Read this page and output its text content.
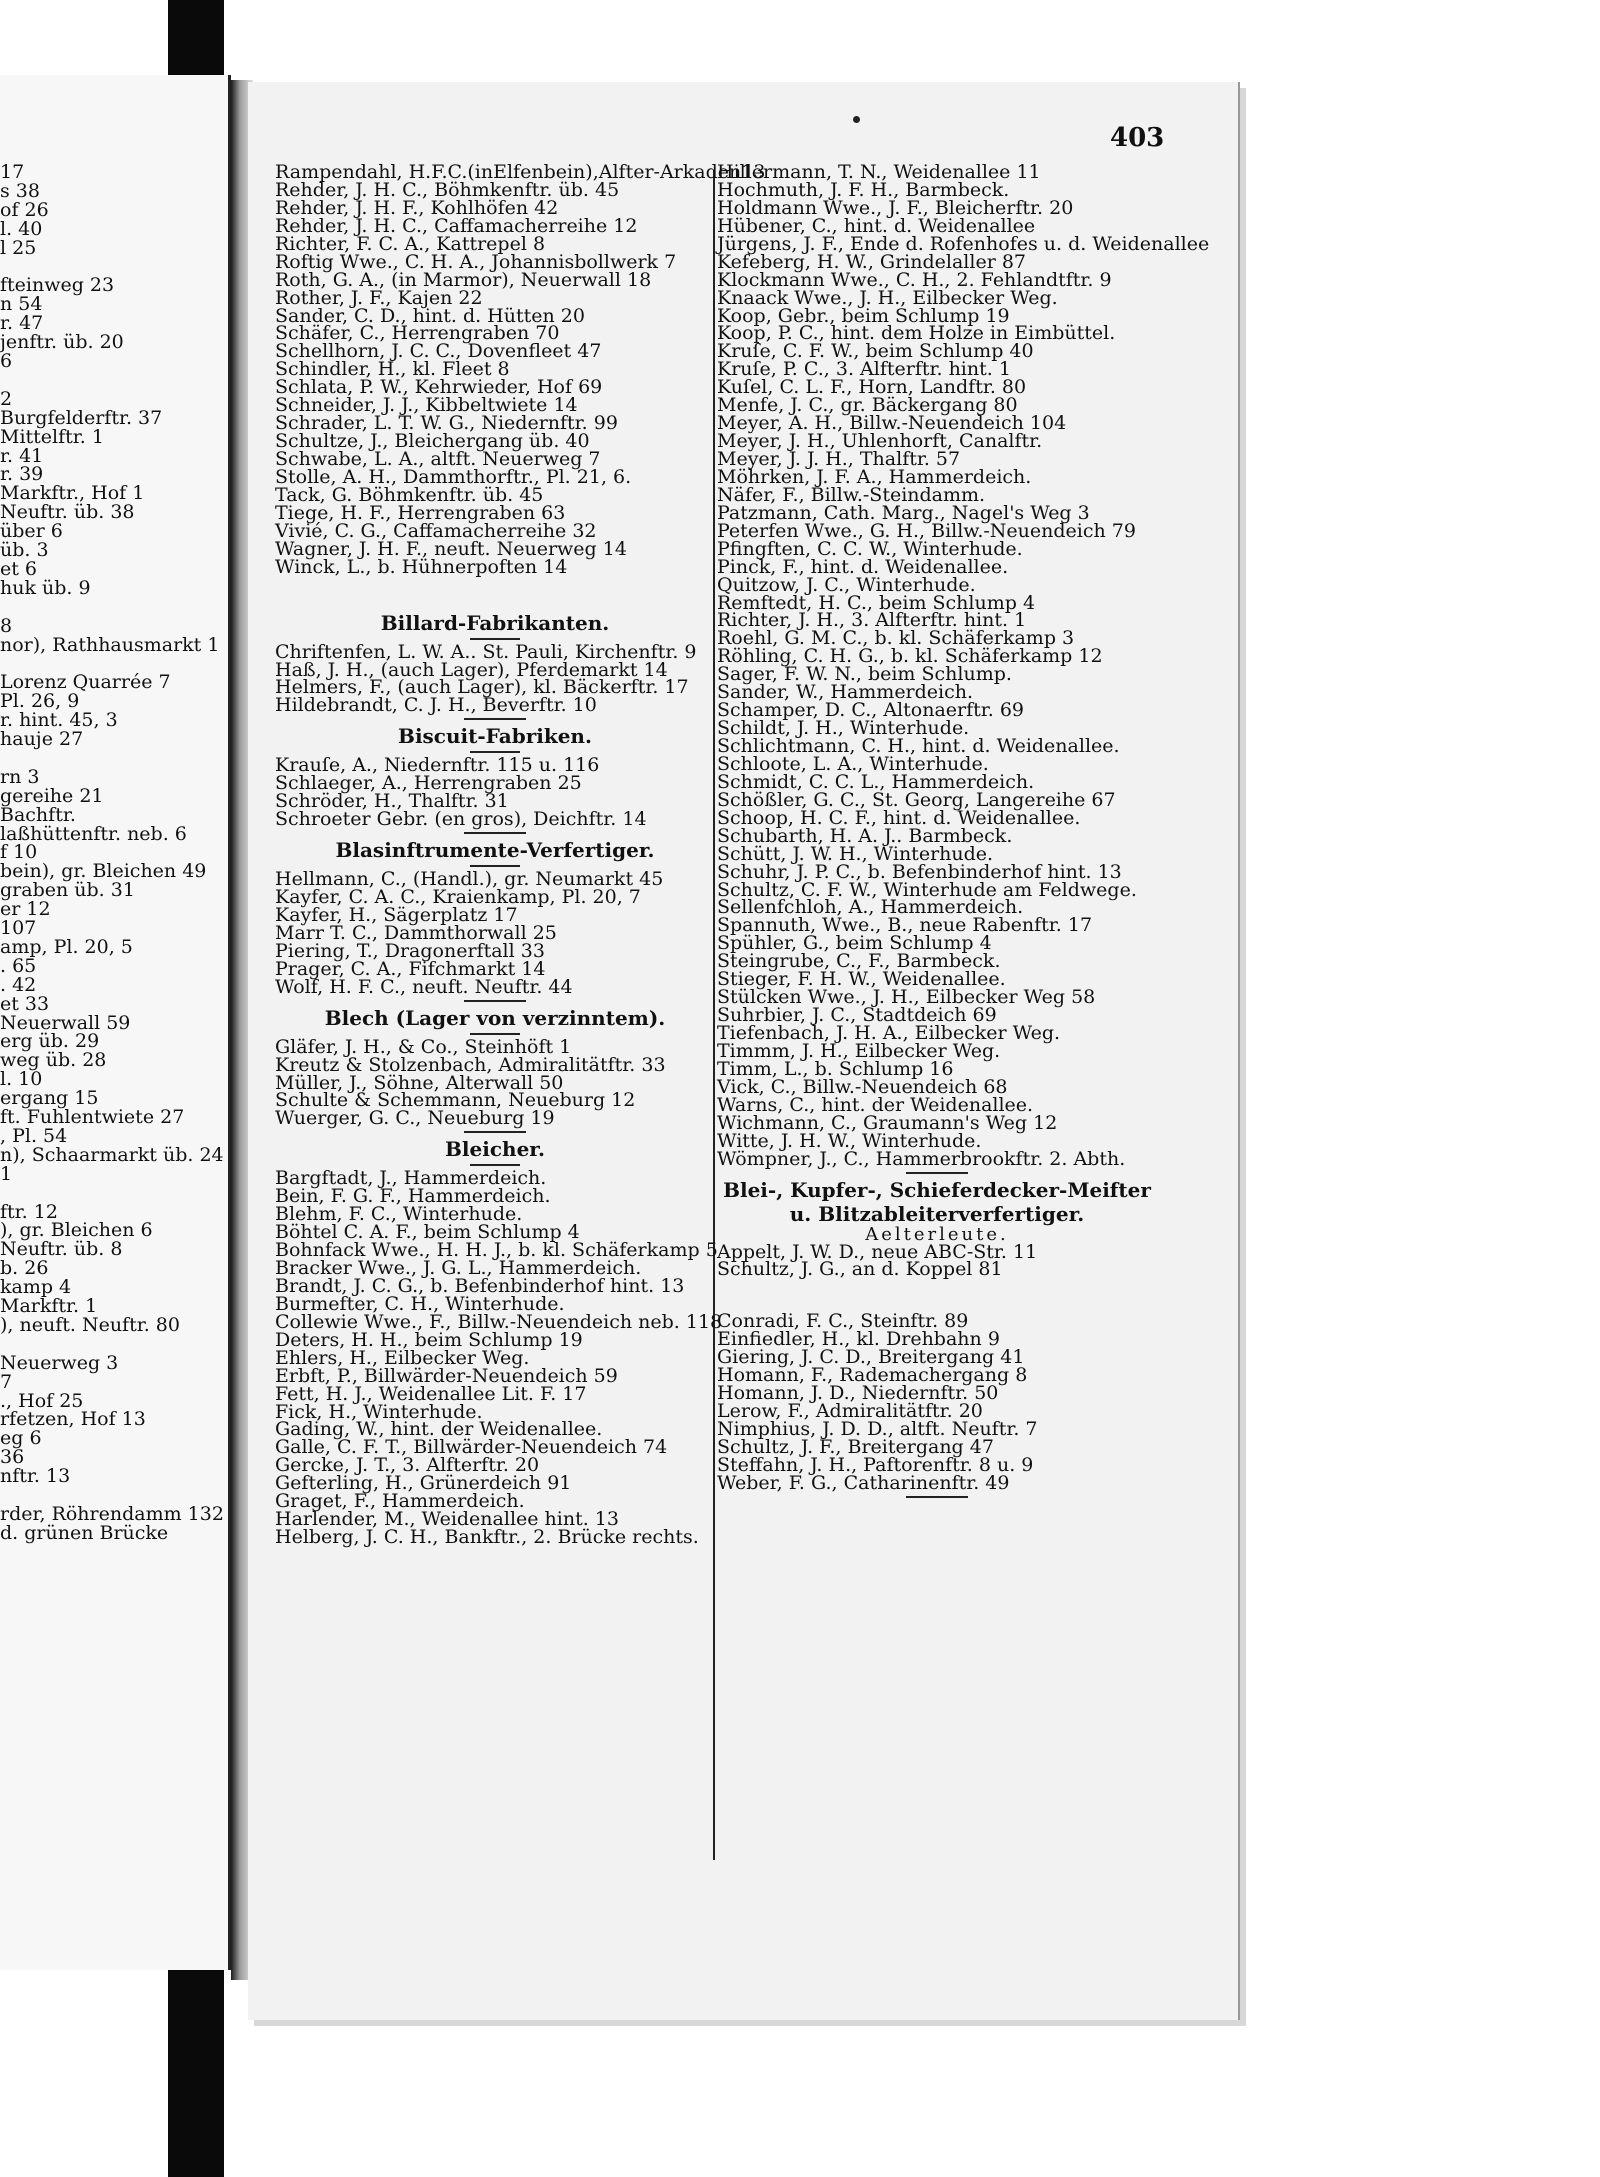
17
s 38
of 26
l. 40
l 25
fteinweg 23
n 54
r. 47
jenftr. üb. 20
6
2
Burgfelderftr. 37
Mittelftr. 1
r. 41
r. 39
Markftr., Hof 1
Neuftr. üb. 38
über 6
üb. 3
et 6
huk üb. 9
8
nor), Rathhausmarkt 1
Lorenz Quarrée 7
Pl. 26, 9
r. hint. 45, 3
hauje 27
rn 3
gereihe 21
Bachftr.
laßhüttenftr. neb. 6
f 10
bein), gr. Bleichen 49
graben üb. 31
er 12
107
amp, Pl. 20, 5
. 65
. 42
et 33
Neuerwall 59
erg üb. 29
weg üb. 28
l. 10
ergang 15
ft. Fuhlentwiete 27
, Pl. 54
n), Schaarmarkt üb. 24
1
ftr. 12
), gr. Bleichen 6
Neuftr. üb. 8
b. 26
kamp 4
Markftr. 1
), neuft. Neuftr. 80
Neuerweg 3
7
., Hof 25
rfetzen, Hof 13
eg 6
36
nftr. 13
rder, Röhrendamm 132
d. grünen Brücke
403
Rampendahl, H.F.C.(inElfenbein),Alfter-Arkaden13
Rehder, J. H. C., Böhmkenftr. üb. 45
Rehder, J. H. F., Kohlhöfen 42
Rehder, J. H. C., Caffamacherreihe 12
Richter, F. C. A., Kattrepel 8
Roftig Wwe., C. H. A., Johannisbollwerk 7
Roth, G. A., (in Marmor), Neuerwall 18
Rother, J. F., Kajen 22
Sander, C. D., hint. d. Hütten 20
Schäfer, C., Herrengraben 70
Schellhorn, J. C. C., Dovenfleet 47
Schindler, H., kl. Fleet 8
Schlata, P. W., Kehrwieder, Hof 69
Schneider, J. J., Kibbeltwiete 14
Schrader, L. T. W. G., Niedernftr. 99
Schultze, J., Bleichergang üb. 40
Schwabe, L. A., altft. Neuerweg 7
Stolle, A. H., Dammthorftr., Pl. 21, 6.
Tack, G. Böhmkenftr. üb. 45
Tiege, H. F., Herrengraben 63
Vivié, C. G., Caffamacherreihe 32
Wagner, J. H. F., neuft. Neuerweg 14
Winck, L., b. Hühnerpoften 14
Billard-Fabrikanten.
Chriftenfen, L. W. A.. St. Pauli, Kirchenftr. 9
Haß, J. H., (auch Lager), Pferdemarkt 14
Helmers, F., (auch Lager), kl. Bäckerftr. 17
Hildebrandt, C. J. H., Beverftr. 10
Biscuit-Fabriken.
Krauſe, A., Niedernftr. 115 u. 116
Schlaeger, A., Herrengraben 25
Schröder, H., Thalftr. 31
Schroeter Gebr. (en gros), Deichftr. 14
Blasinftrumente-Verfertiger.
Hellmann, C., (Handl.), gr. Neumarkt 45
Kayfer, C. A. C., Kraienkamp, Pl. 20, 7
Kayfer, H., Sägerplatz 17
Marr T. C., Dammthorwall 25
Piering, T., Dragonerftall 33
Prager, C. A., Fifchmarkt 14
Wolf, H. F. C., neuft. Neuftr. 44
Blech (Lager von verzinntem).
Gläfer, J. H., & Co., Steinhöft 1
Kreutz & Stolzenbach, Admiralitätftr. 33
Müller, J., Söhne, Alterwall 50
Schulte & Schemmann, Neueburg 12
Wuerger, G. C., Neueburg 19
Bleicher.
Bargftadt, J., Hammerdeich.
Bein, F. G. F., Hammerdeich.
Blehm, F. C., Winterhude.
Böhtel C. A. F., beim Schlump 4
Bohnfack Wwe., H. H. J., b. kl. Schäferkamp 5
Bracker Wwe., J. G. L., Hammerdeich.
Brandt, J. C. G., b. Befenbinderhof hint. 13
Burmefter, C. H., Winterhude.
Collewie Wwe., F., Billw.-Neuendeich neb. 118
Deters, H. H., beim Schlump 19
Ehlers, H., Eilbecker Weg.
Erbft, P., Billwärder-Neuendeich 59
Fett, H. J., Weidenallee Lit. F. 17
Fick, H., Winterhude.
Gading, W., hint. der Weidenallee.
Galle, C. F. T., Billwärder-Neuendeich 74
Gercke, J. T., 3. Alfterftr. 20
Gefterling, H., Grünerdeich 91
Graget, F., Hammerdeich.
Harlender, M., Weidenallee hint. 13
Helberg, J. C. H., Bankftr., 2. Brücke rechts.
Hillermann, T. N., Weidenallee 11
Hochmuth, J. F. H., Barmbeck.
Holdmann Wwe., J. F., Bleicherftr. 20
Hübener, C., hint. d. Weidenallee
Jürgens, J. F., Ende d. Rofenhofes u. d. Weidenallee
Kefeberg, H. W., Grindelaller 87
Klockmann Wwe., C. H., 2. Fehlandtftr. 9
Knaack Wwe., J. H., Eilbecker Weg.
Koop, Gebr., beim Schlump 19
Koop, P. C., hint. dem Holze in Eimbüttel.
Kruſe, C. F. W., beim Schlump 40
Kruſe, P. C., 3. Alfterftr. hint. 1
Kuſel, C. L. F., Horn, Landftr. 80
Menfe, J. C., gr. Bäckergang 80
Meyer, A. H., Billw.-Neuendeich 104
Meyer, J. H., Uhlenhorft, Canalftr.
Meyer, J. J. H., Thalftr. 57
Möhrken, J. F. A., Hammerdeich.
Näfer, F., Billw.-Steindamm.
Patzmann, Cath. Marg., Nagel's Weg 3
Peterfen Wwe., G. H., Billw.-Neuendeich 79
Pfingften, C. C. W., Winterhude.
Pinck, F., hint. d. Weidenallee.
Quitzow, J. C., Winterhude.
Remftedt, H. C., beim Schlump 4
Richter, J. H., 3. Alfterftr. hint. 1
Roehl, G. M. C., b. kl. Schäferkamp 3
Röhling, C. H. G., b. kl. Schäferkamp 12
Sager, F. W. N., beim Schlump.
Sander, W., Hammerdeich.
Schamper, D. C., Altonaerftr. 69
Schildt, J. H., Winterhude.
Schlichtmann, C. H., hint. d. Weidenallee.
Schloote, L. A., Winterhude.
Schmidt, C. C. L., Hammerdeich.
Schößler, G. C., St. Georg, Langereihe 67
Schoop, H. C. F., hint. d. Weidenallee.
Schubarth, H. A. J.. Barmbeck.
Schütt, J. W. H., Winterhude.
Schuhr, J. P. C., b. Befenbinderhof hint. 13
Schultz, C. F. W., Winterhude am Feldwege.
Sellenfchloh, A., Hammerdeich.
Spannuth, Wwe., B., neue Rabenftr. 17
Spühler, G., beim Schlump 4
Steingrube, C., F., Barmbeck.
Stieger, F. H. W., Weidenallee.
Stülcken Wwe., J. H., Eilbecker Weg 58
Suhrbier, J. C., Stadtdeich 69
Tiefenbach, J. H. A., Eilbecker Weg.
Timmm, J. H., Eilbecker Weg.
Timm, L., b. Schlump 16
Vick, C., Billw.-Neuendeich 68
Warns, C., hint. der Weidenallee.
Wichmann, C., Graumann's Weg 12
Witte, J. H. W., Winterhude.
Wömpner, J., C., Hammerbrookftr. 2. Abth.
Blei-, Kupfer-, Schieferdecker-Meifter
u. Blitzableiterverfertiger.
Aelterleute.
Appelt, J. W. D., neue ABC-Str. 11
Schultz, J. G., an d. Koppel 81
Conradi, F. C., Steinftr. 89
Einfiedler, H., kl. Drehbahn 9
Giering, J. C. D., Breitergang 41
Homann, F., Rademachergang 8
Homann, J. D., Niedernftr. 50
Lerow, F., Admiralitätftr. 20
Nimphius, J. D. D., altft. Neuftr. 7
Schultz, J. F., Breitergang 47
Steffahn, J. H., Paftorenftr. 8 u. 9
Weber, F. G., Catharinenftr. 49
